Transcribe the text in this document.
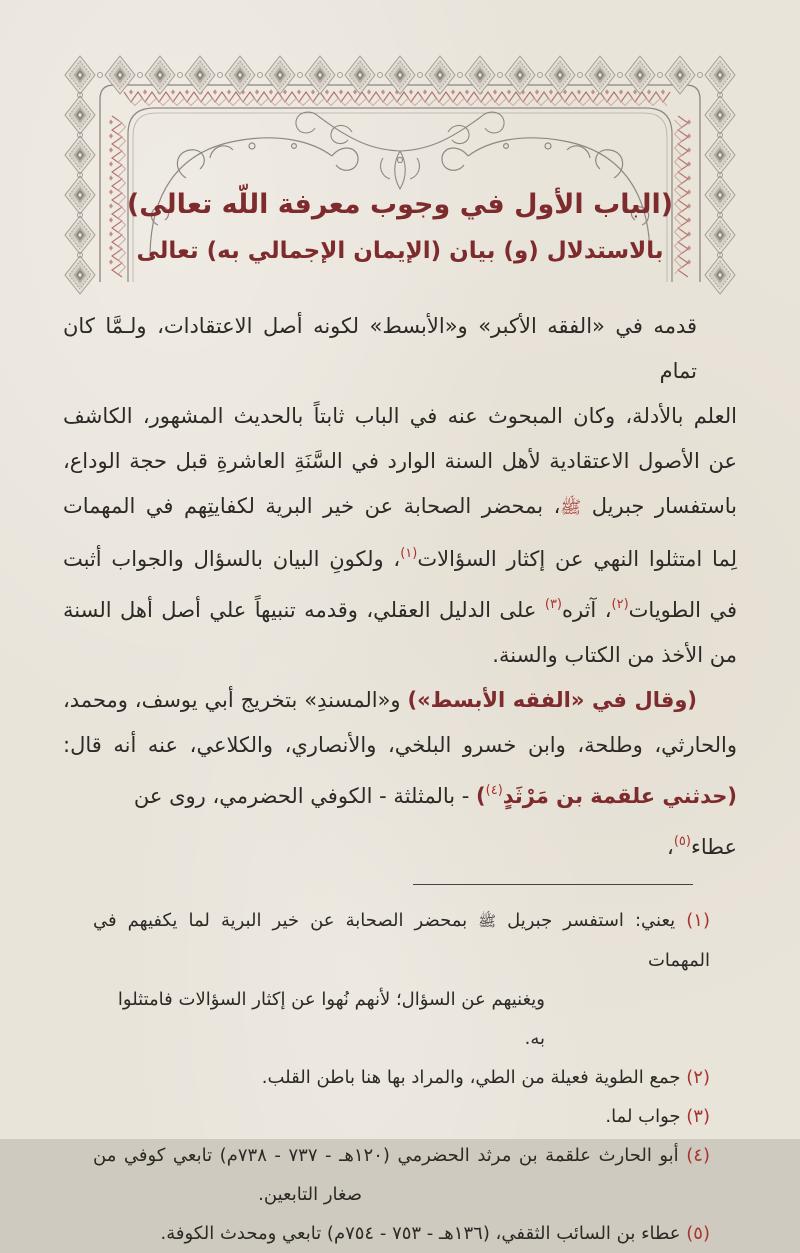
(الباب الأول في وجوب معرفة اللّه تعالى)
بالاستدلال (و) بيان (الإيمان الإجمالي به) تعالى
قدمه في «الفقه الأكبر» و«الأبسط» لكونه أصل الاعتقادات، ولـمَّا كان تمام
العلم بالأدلة، وكان المبحوث عنه في الباب ثابتاً بالحديث المشهور، الكاشف
عن الأصول الاعتقادية لأهل السنة الوارد في السَّنَةِ العاشرةِ قبل حجة الوداع،
باستفسار جبريل ﷺ، بمحضر الصحابة عن خير البرية لكفايتِهم في المهمات
لِما امتثلوا النهي عن إكثار السؤالات$^{(١)}$، ولكونِ البيان بالسؤال والجواب أثبت
في الطويات$^{(٢)}$، آثره$^{(٣)}$ على الدليل العقلي، وقدمه تنبيهاً علي أصل أهل السنة
من الأخذ من الكتاب والسنة.
(وقال في «الفقه الأبسط») و«المسندِ» بتخريج أبي يوسف، ومحمد،
والحارثي، وطلحة، وابن خسرو البلخي، والأنصاري، والكلاعي، عنه أنه قال:
(حدثني علقمة بن مَرْثَدٍ$^{(٤)}$) - بالمثلثة - الكوفي الحضرمي، روى عن عطاء$^{(٥)}$،
(١) يعني: استفسر جبريل ﷺ بمحضر الصحابة عن خير البرية لما يكفيهم في المهمات
ويغنيهم عن السؤال؛ لأنهم نُهوا عن إكثار السؤالات فامتثلوا به.
(٢) جمع الطوية فعيلة من الطي، والمراد بها هنا باطن القلب.
(٣) جواب لما.
(٤) أبو الحارث علقمة بن مرثد الحضرمي (١٢٠هـ - ٧٣٧ - ٧٣٨م) تابعي كوفي من
صغار التابعين.
(٥) عطاء بن السائب الثقفي، (١٣٦هـ - ٧٥٣ - ٧٥٤م) تابعي ومحدث الكوفة.
